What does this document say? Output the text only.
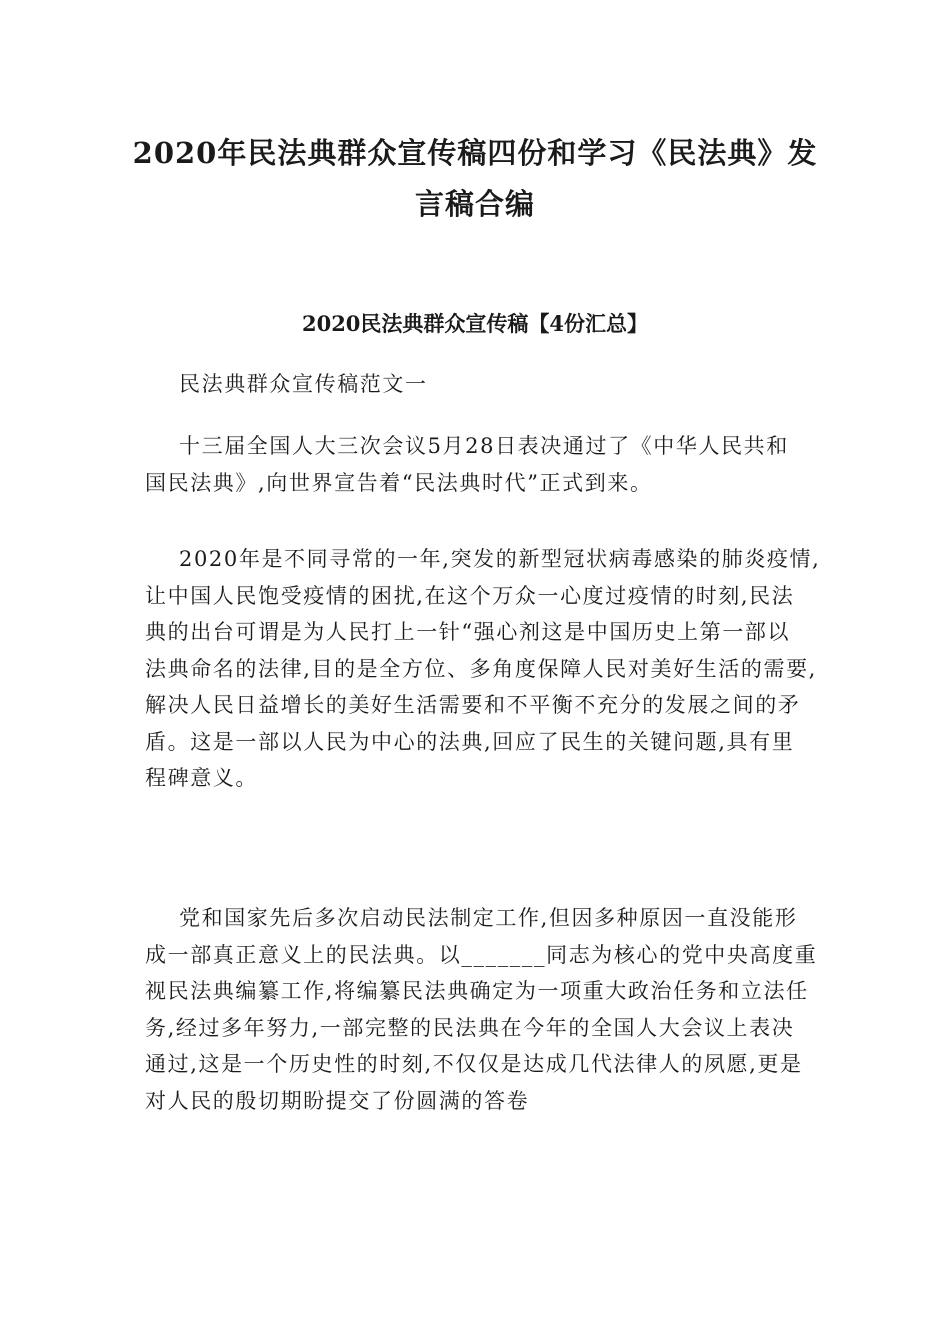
2020年民法典群众宣传稿四份和学习《民法典》发
言稿合编
2020民法典群众宣传稿【4份汇总】

民法典群众宣传稿范文一

十三届全国人大三次会议5月28日表决通过了《中华人民共和
国民法典》,向世界宣告着“民法典时代”正式到来。

2020年是不同寻常的一年,突发的新型冠状病毒感染的肺炎疫情,
让中国人民饱受疫情的困扰,在这个万众一心度过疫情的时刻,民法
典的出台可谓是为人民打上一针“强心剂这是中国历史上第一部以
法典命名的法律,目的是全方位、多角度保障人民对美好生活的需要,
解决人民日益增长的美好生活需要和不平衡不充分的发展之间的矛
盾。这是一部以人民为中心的法典,回应了民生的关键问题,具有里
程碑意义。

党和国家先后多次启动民法制定工作,但因多种原因一直没能形
成一部真正意义上的民法典。以_______同志为核心的党中央高度重
视民法典编纂工作,将编纂民法典确定为一项重大政治任务和立法任
务,经过多年努力,一部完整的民法典在今年的全国人大会议上表决
通过,这是一个历史性的时刻,不仅仅是达成几代法律人的夙愿,更是
对人民的殷切期盼提交了份圆满的答卷
